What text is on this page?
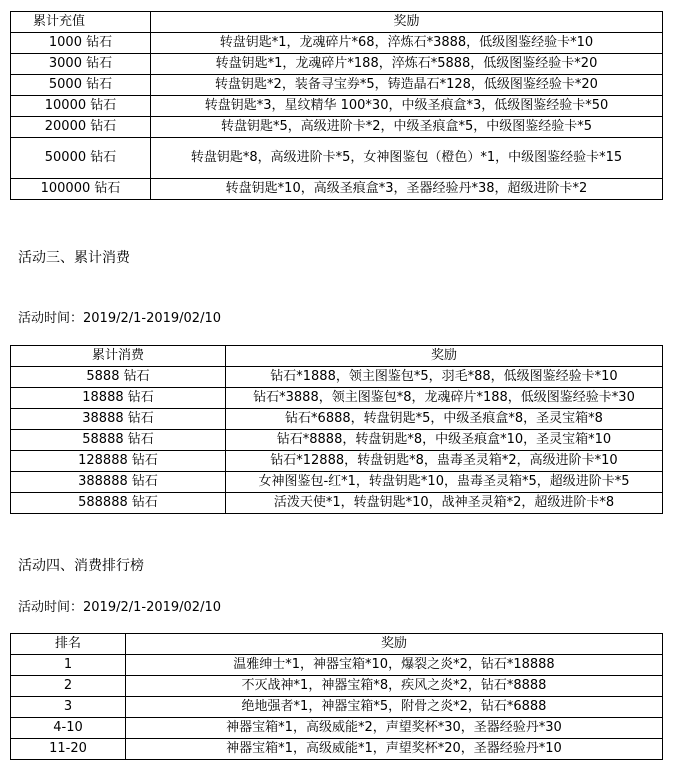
累计充值	奖励
1000 钻石	转盘钥匙*1，龙魂碎片*68，淬炼石*3888，低级图鉴经验卡*10
3000 钻石	转盘钥匙*1，龙魂碎片*188，淬炼石*5888，低级图鉴经验卡*20
5000 钻石	转盘钥匙*2，装备寻宝券*5，铸造晶石*128，低级图鉴经验卡*20
10000 钻石	转盘钥匙*3，星纹精华 100*30，中级圣痕盒*3，低级图鉴经验卡*50
20000 钻石	转盘钥匙*5，高级进阶卡*2，中级圣痕盒*5，中级图鉴经验卡*5
50000 钻石	转盘钥匙*8，高级进阶卡*5，女神图鉴包（橙色）*1，中级图鉴经验卡*15
100000 钻石	转盘钥匙*10，高级圣痕盒*3，圣器经验丹*38，超级进阶卡*2
活动三、累计消费
活动时间：2019/2/1-2019/02/10
累计消费	奖励
5888 钻石	钻石*1888，领主图鉴包*5，羽毛*88，低级图鉴经验卡*10
18888 钻石	钻石*3888，领主图鉴包*8，龙魂碎片*188，低级图鉴经验卡*30
38888 钻石	钻石*6888，转盘钥匙*5，中级圣痕盒*8，圣灵宝箱*8
58888 钻石	钻石*8888，转盘钥匙*8，中级圣痕盒*10，圣灵宝箱*10
128888 钻石	钻石*12888，转盘钥匙*8，蛊毒圣灵箱*2，高级进阶卡*10
388888 钻石	女神图鉴包-红*1，转盘钥匙*10，蛊毒圣灵箱*5，超级进阶卡*5
588888 钻石	活泼天使*1，转盘钥匙*10，战神圣灵箱*2，超级进阶卡*8
活动四、消费排行榜
活动时间：2019/2/1-2019/02/10
排名	奖励
1	温雅绅士*1，神器宝箱*10，爆裂之炎*2，钻石*18888
2	不灭战神*1，神器宝箱*8，疾风之炎*2，钻石*8888
3	绝地强者*1，神器宝箱*5，附骨之炎*2，钻石*6888
4-10	神器宝箱*1，高级威能*2，声望奖杯*30，圣器经验丹*30
11-20	神器宝箱*1，高级威能*1，声望奖杯*20，圣器经验丹*10
